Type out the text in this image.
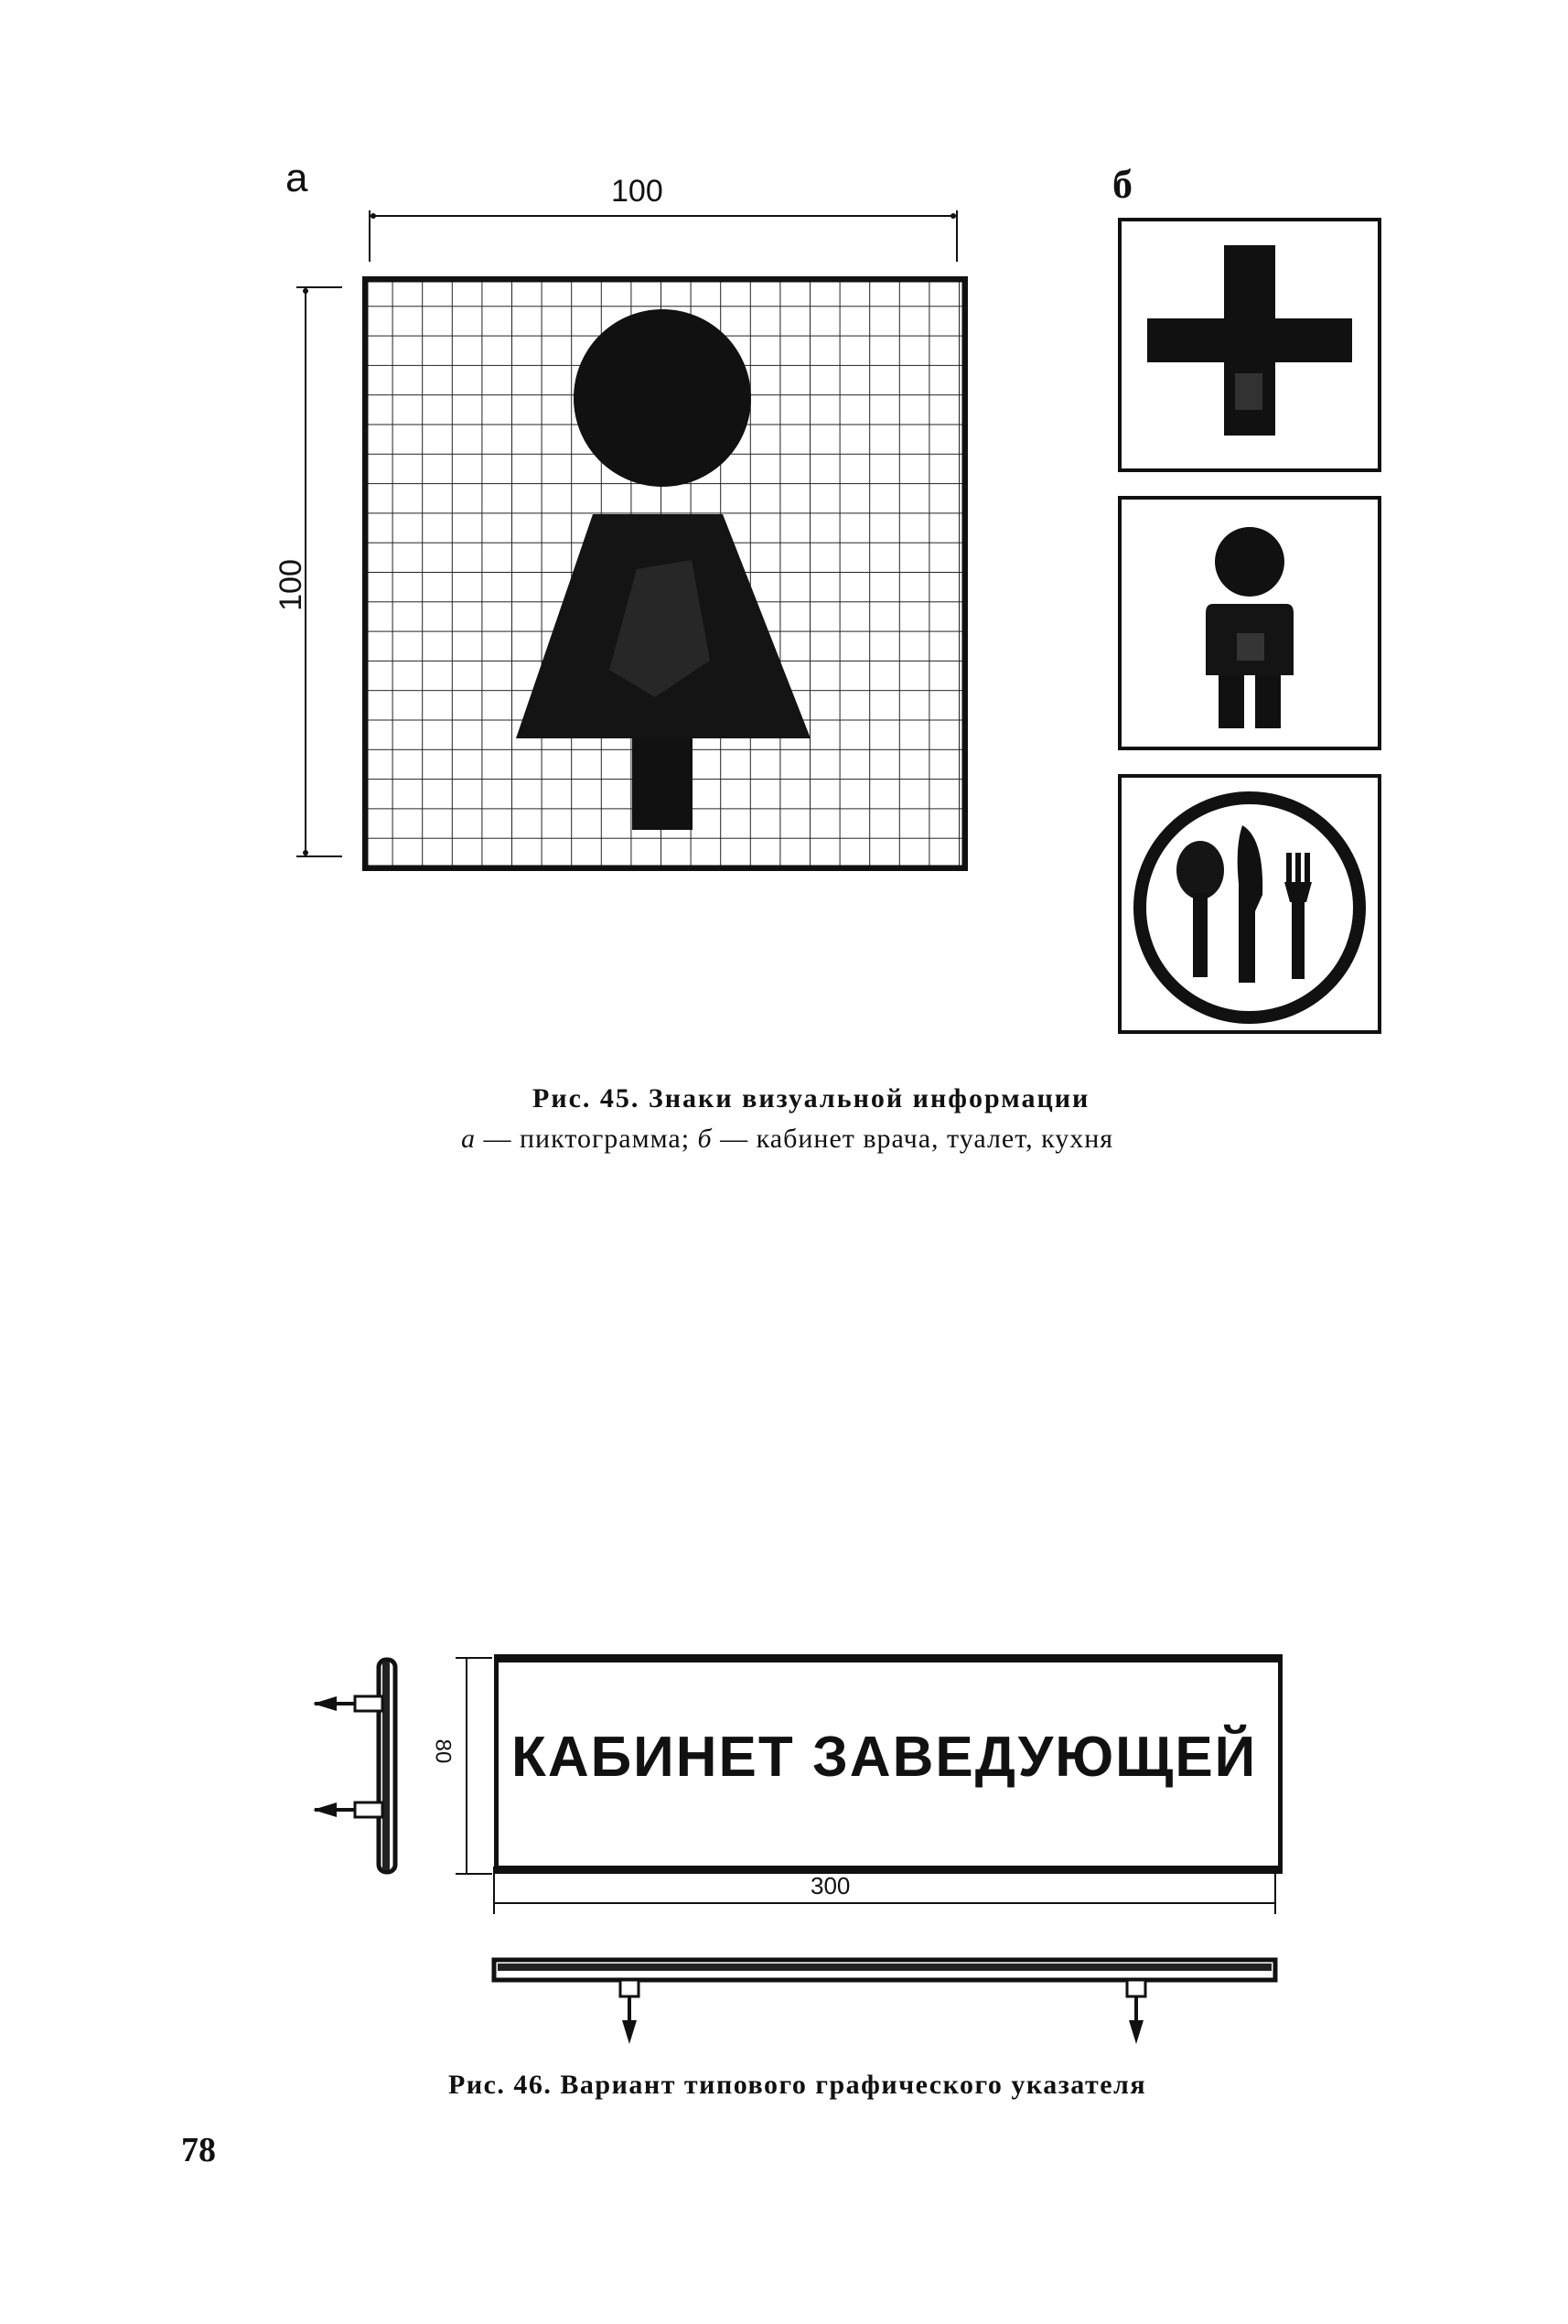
а	б
100
100
Рис. 45. Знаки визуальной информации
а — пиктограмма; б — кабинет врача, туалет, кухня
80 КАБИНЕТ ЗАВЕДУЮЩЕЙ
300
Рис. 46. Вариант типового графического указателя
78
